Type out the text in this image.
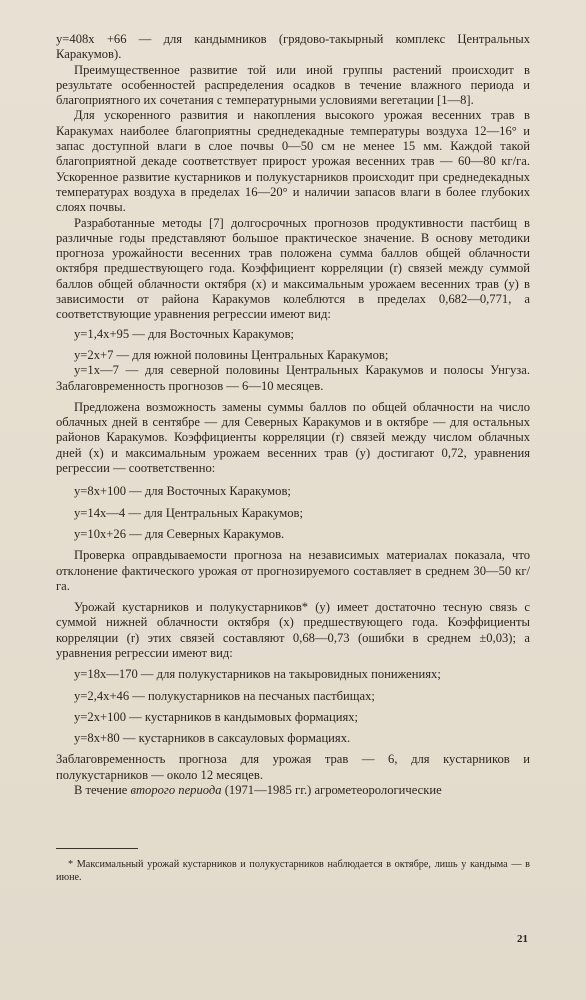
y=408x +66 — для кандымников (грядово-такырный комплекс Центральных Каракумов).

Преимущественное развитие той или иной группы растений происходит в результате особенностей распределения осадков в течение влажного периода и благоприятного их сочетания с температурными условиями вегетации [1—8].

Для ускоренного развития и накопления высокого урожая весенних трав в Каракумах наиболее благоприятны среднедекадные температуры воздуха 12—16° и запас доступной влаги в слое почвы 0—50 см не менее 15 мм. Каждой такой благоприятной декаде соответствует прирост урожая весенних трав — 60—80 кг/га. Ускоренное развитие кустарников и полукустарников происходит при среднедекадных температурах воздуха в пределах 16—20° и наличии запасов влаги в более глубоких слоях почвы.

Разработанные методы [7] долгосрочных прогнозов продуктивности пастбищ в различные годы представляют большое практическое значение. В основу методики прогноза урожайности весенних трав положена сумма баллов общей облачности октября предшествующего года. Коэффициент корреляции (r) связей между суммой баллов общей облачности октября (x) и максимальным урожаем весенних трав (y) в зависимости от района Каракумов колеблются в пределах 0,682—0,771, а соответствующие уравнения регрессии имеют вид:

y=1,4x+95 — для Восточных Каракумов;

y=2x+7 — для южной половины Центральных Каракумов;

y=1x—7 — для северной половины Центральных Каракумов и полосы Унгуза. Заблаговременность прогнозов — 6—10 месяцев.

Предложена возможность замены суммы баллов по общей облачности на число облачных дней в сентябре — для Северных Каракумов и в октябре — для остальных районов Каракумов. Коэффициенты корреляции (r) связей между числом облачных дней (x) и максимальным урожаем весенних трав (y) достигают 0,72, уравнения регрессии — соответственно:

y=8x+100 — для Восточных Каракумов;

y=14x—4 — для Центральных Каракумов;

y=10x+26 — для Северных Каракумов.

Проверка оправдываемости прогноза на независимых материалах показала, что отклонение фактического урожая от прогнозируемого составляет в среднем 30—50 кг/га.

Урожай кустарников и полукустарников* (y) имеет достаточно тесную связь с суммой нижней облачности октября (x) предшествующего года. Коэффициенты корреляции (r) этих связей составляют 0,68—0,73 (ошибки в среднем ±0,03); а уравнения регрессии имеют вид:

y=18x—170 — для полукустарников на такыровидных понижениях;

y=2,4x+46 — полукустарников на песчаных пастбищах;

y=2x+100 — кустарников в кандымовых формациях;

y=8x+80 — кустарников в саксауловых формациях.

Заблаговременность прогноза для урожая трав — 6, для кустарников и полукустарников — около 12 месяцев.

В течение второго периода (1971—1985 гг.) агрометеорологические

* Максимальный урожай кустарников и полукустарников наблюдается в октябре, лишь у кандыма — в июне.

21
